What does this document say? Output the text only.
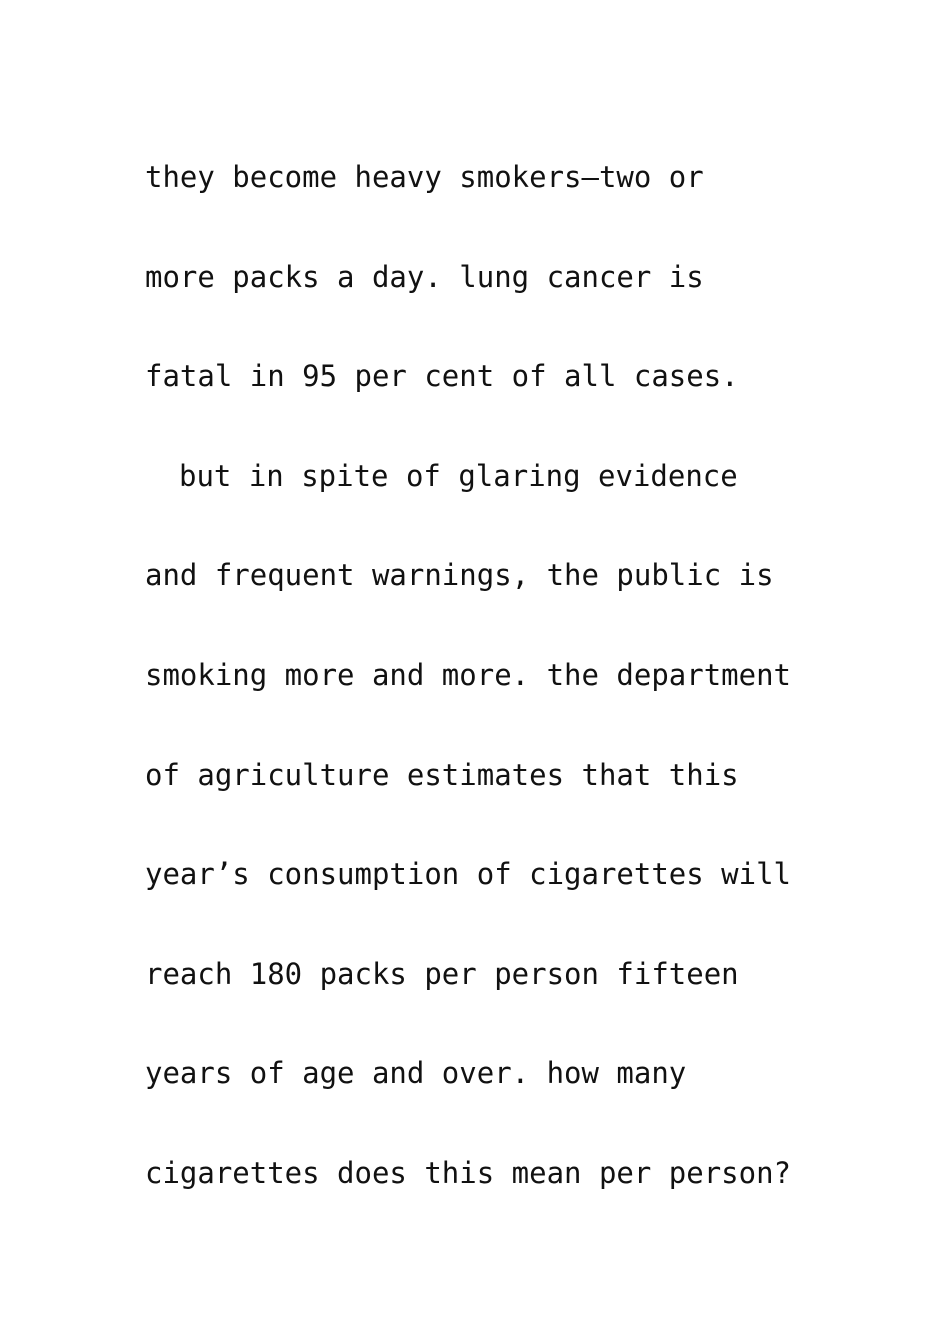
they become heavy smokers—two or
more packs a day. lung cancer is
fatal in 95 per cent of all cases.
but in spite of glaring evidence
and frequent warnings, the public is
smoking more and more. the department
of agriculture estimates that this
year’s consumption of cigarettes will
reach 180 packs per person fifteen
years of age and over. how many
cigarettes does this mean per person?
